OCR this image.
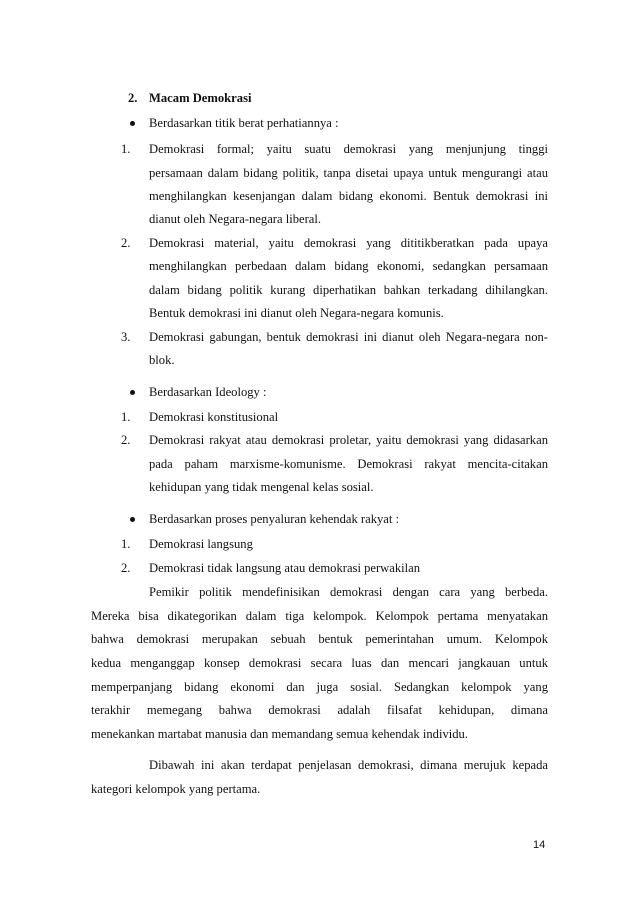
2. Macam Demokrasi
Berdasarkan titik berat perhatiannya :
1. Demokrasi formal; yaitu suatu demokrasi yang menjunjung tinggi
persamaan dalam bidang politik, tanpa disetai upaya untuk mengurangi atau
menghilangkan kesenjangan dalam bidang ekonomi. Bentuk demokrasi ini
dianut oleh Negara-negara liberal.
2. Demokrasi material, yaitu demokrasi yang dititikberatkan pada upaya
menghilangkan perbedaan dalam bidang ekonomi, sedangkan persamaan
dalam bidang politik kurang diperhatikan bahkan terkadang dihilangkan.
Bentuk demokrasi ini dianut oleh Negara-negara komunis.
3. Demokrasi gabungan, bentuk demokrasi ini dianut oleh Negara-negara non-
blok.
Berdasarkan Ideology :
1. Demokrasi konstitusional
2. Demokrasi rakyat atau demokrasi proletar, yaitu demokrasi yang didasarkan
pada paham marxisme-komunisme. Demokrasi rakyat mencita-citakan
kehidupan yang tidak mengenal kelas sosial.
Berdasarkan proses penyaluran kehendak rakyat :
1. Demokrasi langsung
2. Demokrasi tidak langsung atau demokrasi perwakilan
Pemikir politik mendefinisikan demokrasi dengan cara yang berbeda.
Mereka bisa dikategorikan dalam tiga kelompok. Kelompok pertama menyatakan
bahwa demokrasi merupakan sebuah bentuk pemerintahan umum. Kelompok
kedua menganggap konsep demokrasi secara luas dan mencari jangkauan untuk
memperpanjang bidang ekonomi dan juga sosial. Sedangkan kelompok yang
terakhir memegang bahwa demokrasi adalah filsafat kehidupan, dimana
menekankan martabat manusia dan memandang semua kehendak individu.
Dibawah ini akan terdapat penjelasan demokrasi, dimana merujuk kepada
kategori kelompok yang pertama.
14
